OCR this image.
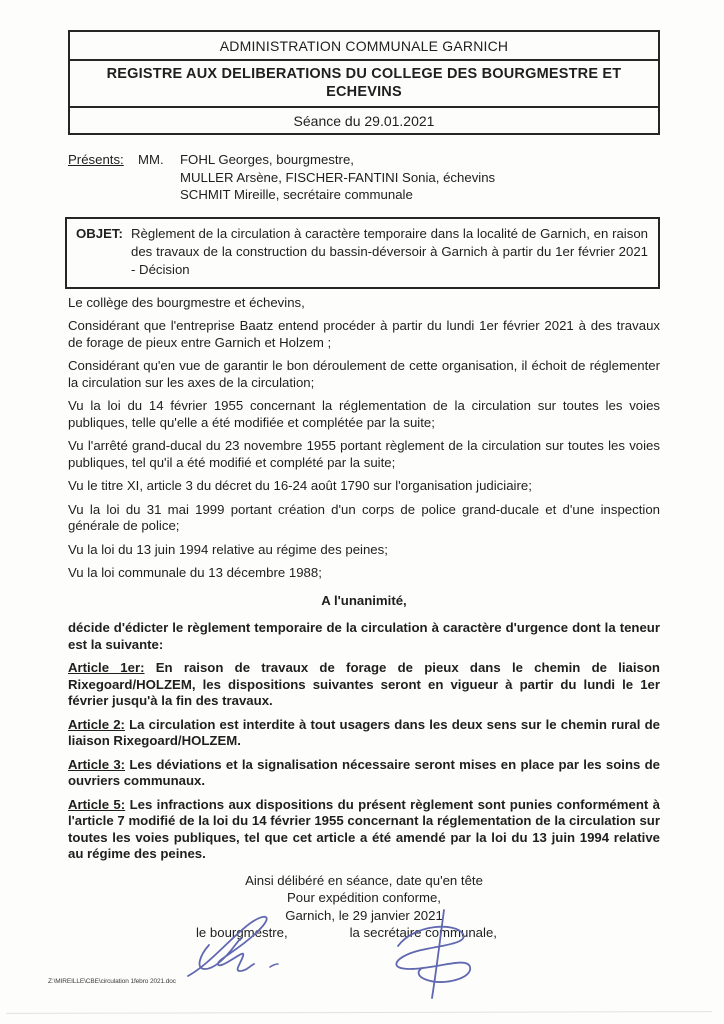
ADMINISTRATION COMMUNALE GARNICH
REGISTRE AUX DELIBERATIONS DU COLLEGE DES BOURGMESTRE ET ECHEVINS
Séance du 29.01.2021
Présents:	MM.	FOHL Georges, bourgmestre,
MULLER Arsène, FISCHER-FANTINI Sonia, échevins
SCHMIT Mireille, secrétaire communale
OBJET: Règlement de la circulation à caractère temporaire dans la localité de Garnich, en raison des travaux de la construction du bassin-déversoir à Garnich à partir du 1er février 2021 - Décision

Le collège des bourgmestre et échevins,

Considérant que l'entreprise Baatz entend procéder à partir du lundi 1er février 2021 à des travaux de forage de pieux entre Garnich et Holzem ;

Considérant qu'en vue de garantir le bon déroulement de cette organisation, il échoit de réglementer la circulation sur les axes de la circulation;

Vu la loi du 14 février 1955 concernant la réglementation de la circulation sur toutes les voies publiques, telle qu'elle a été modifiée et complétée par la suite;

Vu l'arrêté grand-ducal du 23 novembre 1955 portant règlement de la circulation sur toutes les voies publiques, tel qu'il a été modifié et complété par la suite;

Vu le titre XI, article 3 du décret du 16-24 août 1790 sur l'organisation judiciaire;

Vu la loi du 31 mai 1999 portant création d'un corps de police grand-ducale et d'une inspection générale de police;

Vu la loi du 13 juin 1994 relative au régime des peines;

Vu la loi communale du 13 décembre 1988;

A l'unanimité,

décide d'édicter le règlement temporaire de la circulation à caractère d'urgence dont la teneur est la suivante:

Article 1er: En raison de travaux de forage de pieux dans le chemin de liaison Rixegoard/HOLZEM, les dispositions suivantes seront en vigueur à partir du lundi le 1er février jusqu'à la fin des travaux.

Article 2: La circulation est interdite à tout usagers dans les deux sens sur le chemin rural de liaison Rixegoard/HOLZEM.

Article 3: Les déviations et la signalisation nécessaire seront mises en place par les soins de ouvriers communaux.

Article 5: Les infractions aux dispositions du présent règlement sont punies conformément à l'article 7 modifié de la loi du 14 février 1955 concernant la réglementation de la circulation sur toutes les voies publiques, tel que cet article a été amendé par la loi du 13 juin 1994 relative au régime des peines.

Ainsi délibéré en séance, date qu'en tête
Pour expédition conforme,
Garnich, le 29 janvier 2021
le bourgmestre,	la secrétaire communale,
Z:\MIREILLE\CBE\circulation 1febro 2021.doc
